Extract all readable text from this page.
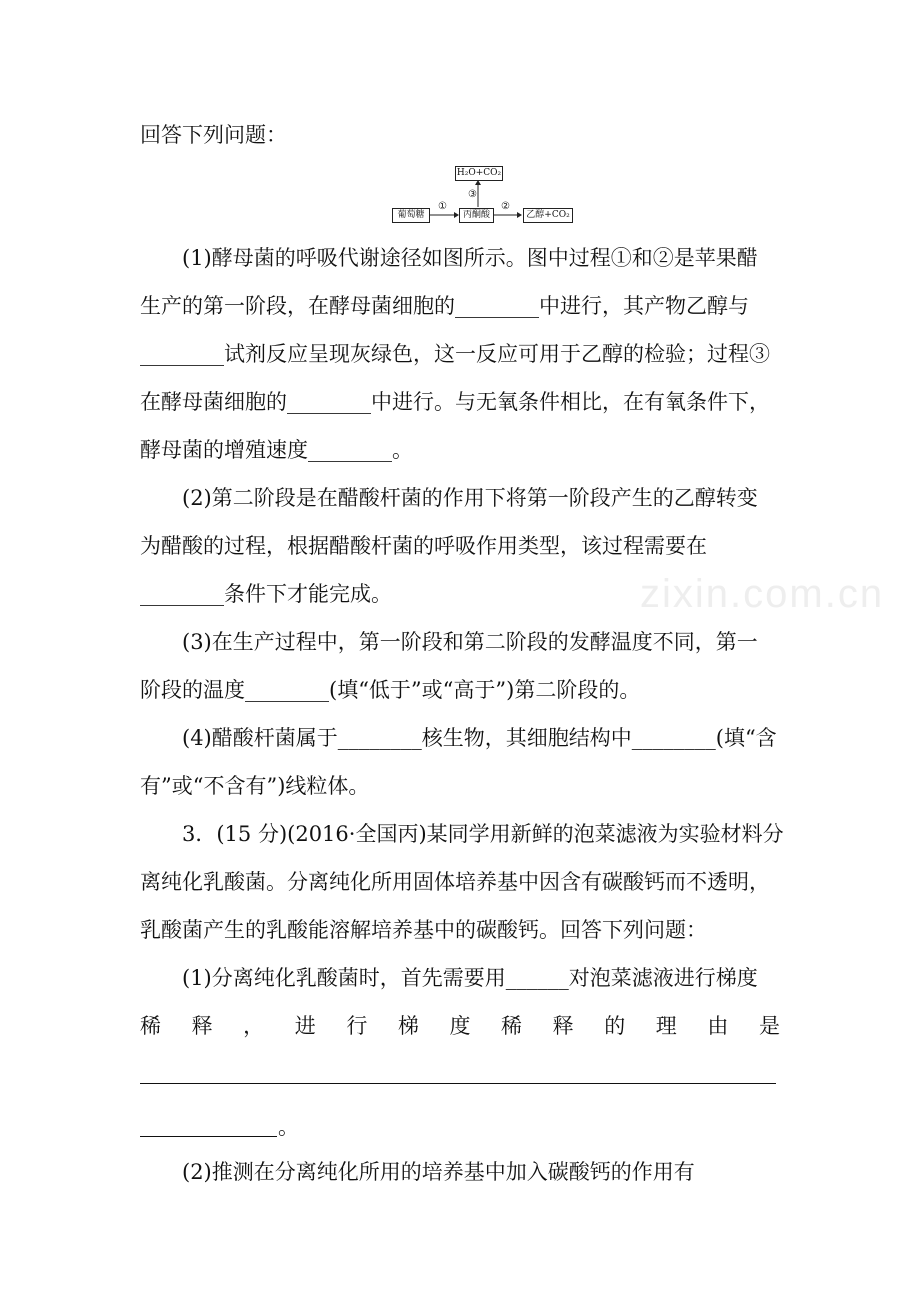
zixin.com.cn
回答下列问题：
H₂O+CO₂
葡萄糖	丙酮酸	乙醇+CO₂
①	②
③
(1)酵母菌的呼吸代谢途径如图所示。图中过程①和②是苹果醋
生产的第一阶段，在酵母菌细胞的________中进行，其产物乙醇与
________试剂反应呈现灰绿色，这一反应可用于乙醇的检验；过程③
在酵母菌细胞的________中进行。与无氧条件相比，在有氧条件下，
酵母菌的增殖速度________。
(2)第二阶段是在醋酸杆菌的作用下将第一阶段产生的乙醇转变
为醋酸的过程，根据醋酸杆菌的呼吸作用类型，该过程需要在
________条件下才能完成。
(3)在生产过程中，第一阶段和第二阶段的发酵温度不同，第一
阶段的温度________(填“低于”或“高于”)第二阶段的。
(4)醋酸杆菌属于________核生物，其细胞结构中________(填“含
有”或“不含有”)线粒体。
3．(15 分)(2016·全国丙)某同学用新鲜的泡菜滤液为实验材料分
离纯化乳酸菌。分离纯化所用固体培养基中因含有碳酸钙而不透明，
乳酸菌产生的乳酸能溶解培养基中的碳酸钙。回答下列问题：
(1)分离纯化乳酸菌时，首先需要用______对泡菜滤液进行梯度
稀 释 ， 进 行 梯 度 稀 释 的 理 由 是
。
(2)推测在分离纯化所用的培养基中加入碳酸钙的作用有
